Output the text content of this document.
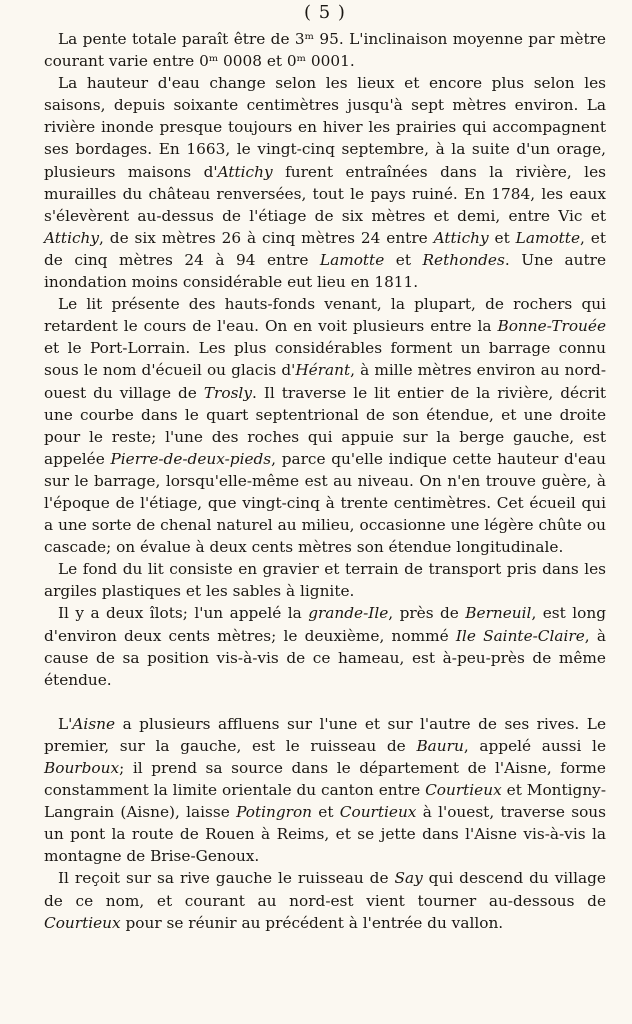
( 5 )

La pente totale paraît être de 3ᵐ 95. L'inclinaison moyenne par mètre courant varie entre 0ᵐ 0008 et 0ᵐ 0001.

La hauteur d'eau change selon les lieux et encore plus selon les saisons, depuis soixante centimètres jusqu'à sept mètres environ. La rivière inonde presque toujours en hiver les prairies qui accompagnent ses bordages. En 1663, le vingt-cinq septembre, à la suite d'un orage, plusieurs maisons d'Attichy furent entraînées dans la rivière, les murailles du château renversées, tout le pays ruiné. En 1784, les eaux s'élevèrent au-dessus de l'étiage de six mètres et demi, entre Vic et Attichy, de six mètres 26 à cinq mètres 24 entre Attichy et Lamotte, et de cinq mètres 24 à 94 entre Lamotte et Rethondes. Une autre inondation moins considérable eut lieu en 1811.

Le lit présente des hauts-fonds venant, la plupart, de rochers qui retardent le cours de l'eau. On en voit plusieurs entre la Bonne-Trouée et le Port-Lorrain. Les plus considérables forment un barrage connu sous le nom d'écueil ou glacis d'Hérant, à mille mètres environ au nord-ouest du village de Trosly. Il traverse le lit entier de la rivière, décrit une courbe dans le quart septentrional de son étendue, et une droite pour le reste; l'une des roches qui appuie sur la berge gauche, est appelée Pierre-de-deux-pieds, parce qu'elle indique cette hauteur d'eau sur le barrage, lorsqu'elle-même est au niveau. On n'en trouve guère, à l'époque de l'étiage, que vingt-cinq à trente centimètres. Cet écueil qui a une sorte de chenal naturel au milieu, occasionne une légère chûte ou cascade; on évalue à deux cents mètres son étendue longitudinale.

Le fond du lit consiste en gravier et terrain de transport pris dans les argiles plastiques et les sables à lignite.

Il y a deux îlots; l'un appelé la grande-Ile, près de Berneuil, est long d'environ deux cents mètres; le deuxième, nommé Ile Sainte-Claire, à cause de sa position vis-à-vis de ce hameau, est à-peu-près de même étendue.

L'Aisne a plusieurs affluens sur l'une et sur l'autre de ses rives. Le premier, sur la gauche, est le ruisseau de Bauru, appelé aussi le Bourboux; il prend sa source dans le département de l'Aisne, forme constamment la limite orientale du canton entre Courtieux et Montigny-Langrain (Aisne), laisse Potingron et Courtieux à l'ouest, traverse sous un pont la route de Rouen à Reims, et se jette dans l'Aisne vis-à-vis la montagne de Brise-Genoux.

Il reçoit sur sa rive gauche le ruisseau de Say qui descend du village de ce nom, et courant au nord-est vient tourner au-dessous de Courtieux pour se réunir au précédent à l'entrée du vallon.
